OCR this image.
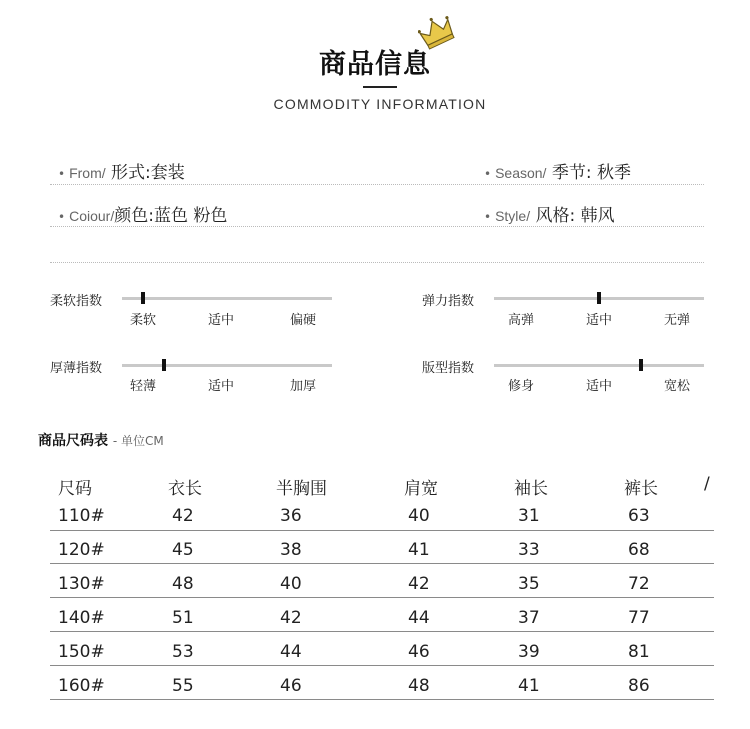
商品信息
COMMODITY INFORMATION
• From/ 形式:套装	• Season/ 季节: 秋季
• Coiour/颜色:蓝色 粉色	• Style/ 风格: 韩风
柔软指数
柔软	适中	偏硬
弹力指数
高弹	适中	无弹
厚薄指数
轻薄	适中	加厚
版型指数
修身	适中	宽松
商品尺码表 - 单位CM
尺码	衣长	半胸围	肩宽	袖长	裤长	/
110#	42	36	40	31	63
120#	45	38	41	33	68
130#	48	40	42	35	72
140#	51	42	44	37	77
150#	53	44	46	39	81
160#	55	46	48	41	86
